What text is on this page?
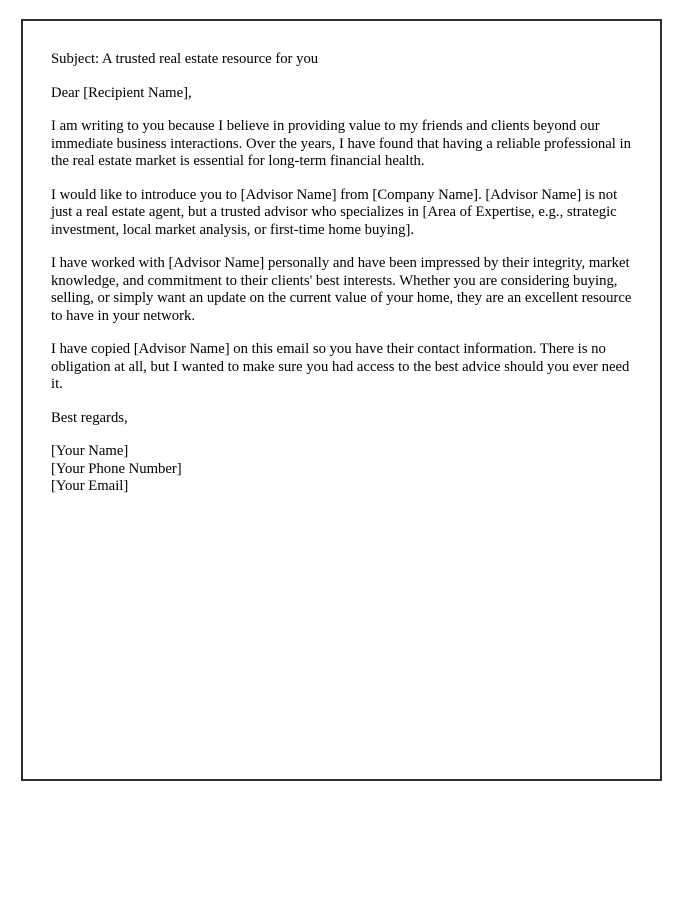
Subject: A trusted real estate resource for you

Dear [Recipient Name],

I am writing to you because I believe in providing value to my friends and clients beyond our immediate business interactions. Over the years, I have found that having a reliable professional in the real estate market is essential for long-term financial health.

I would like to introduce you to [Advisor Name] from [Company Name]. [Advisor Name] is not just a real estate agent, but a trusted advisor who specializes in [Area of Expertise, e.g., strategic investment, local market analysis, or first-time home buying].

I have worked with [Advisor Name] personally and have been impressed by their integrity, market knowledge, and commitment to their clients' best interests. Whether you are considering buying, selling, or simply want an update on the current value of your home, they are an excellent resource to have in your network.

I have copied [Advisor Name] on this email so you have their contact information. There is no obligation at all, but I wanted to make sure you had access to the best advice should you ever need it.

Best regards,

[Your Name]
[Your Phone Number]
[Your Email]
